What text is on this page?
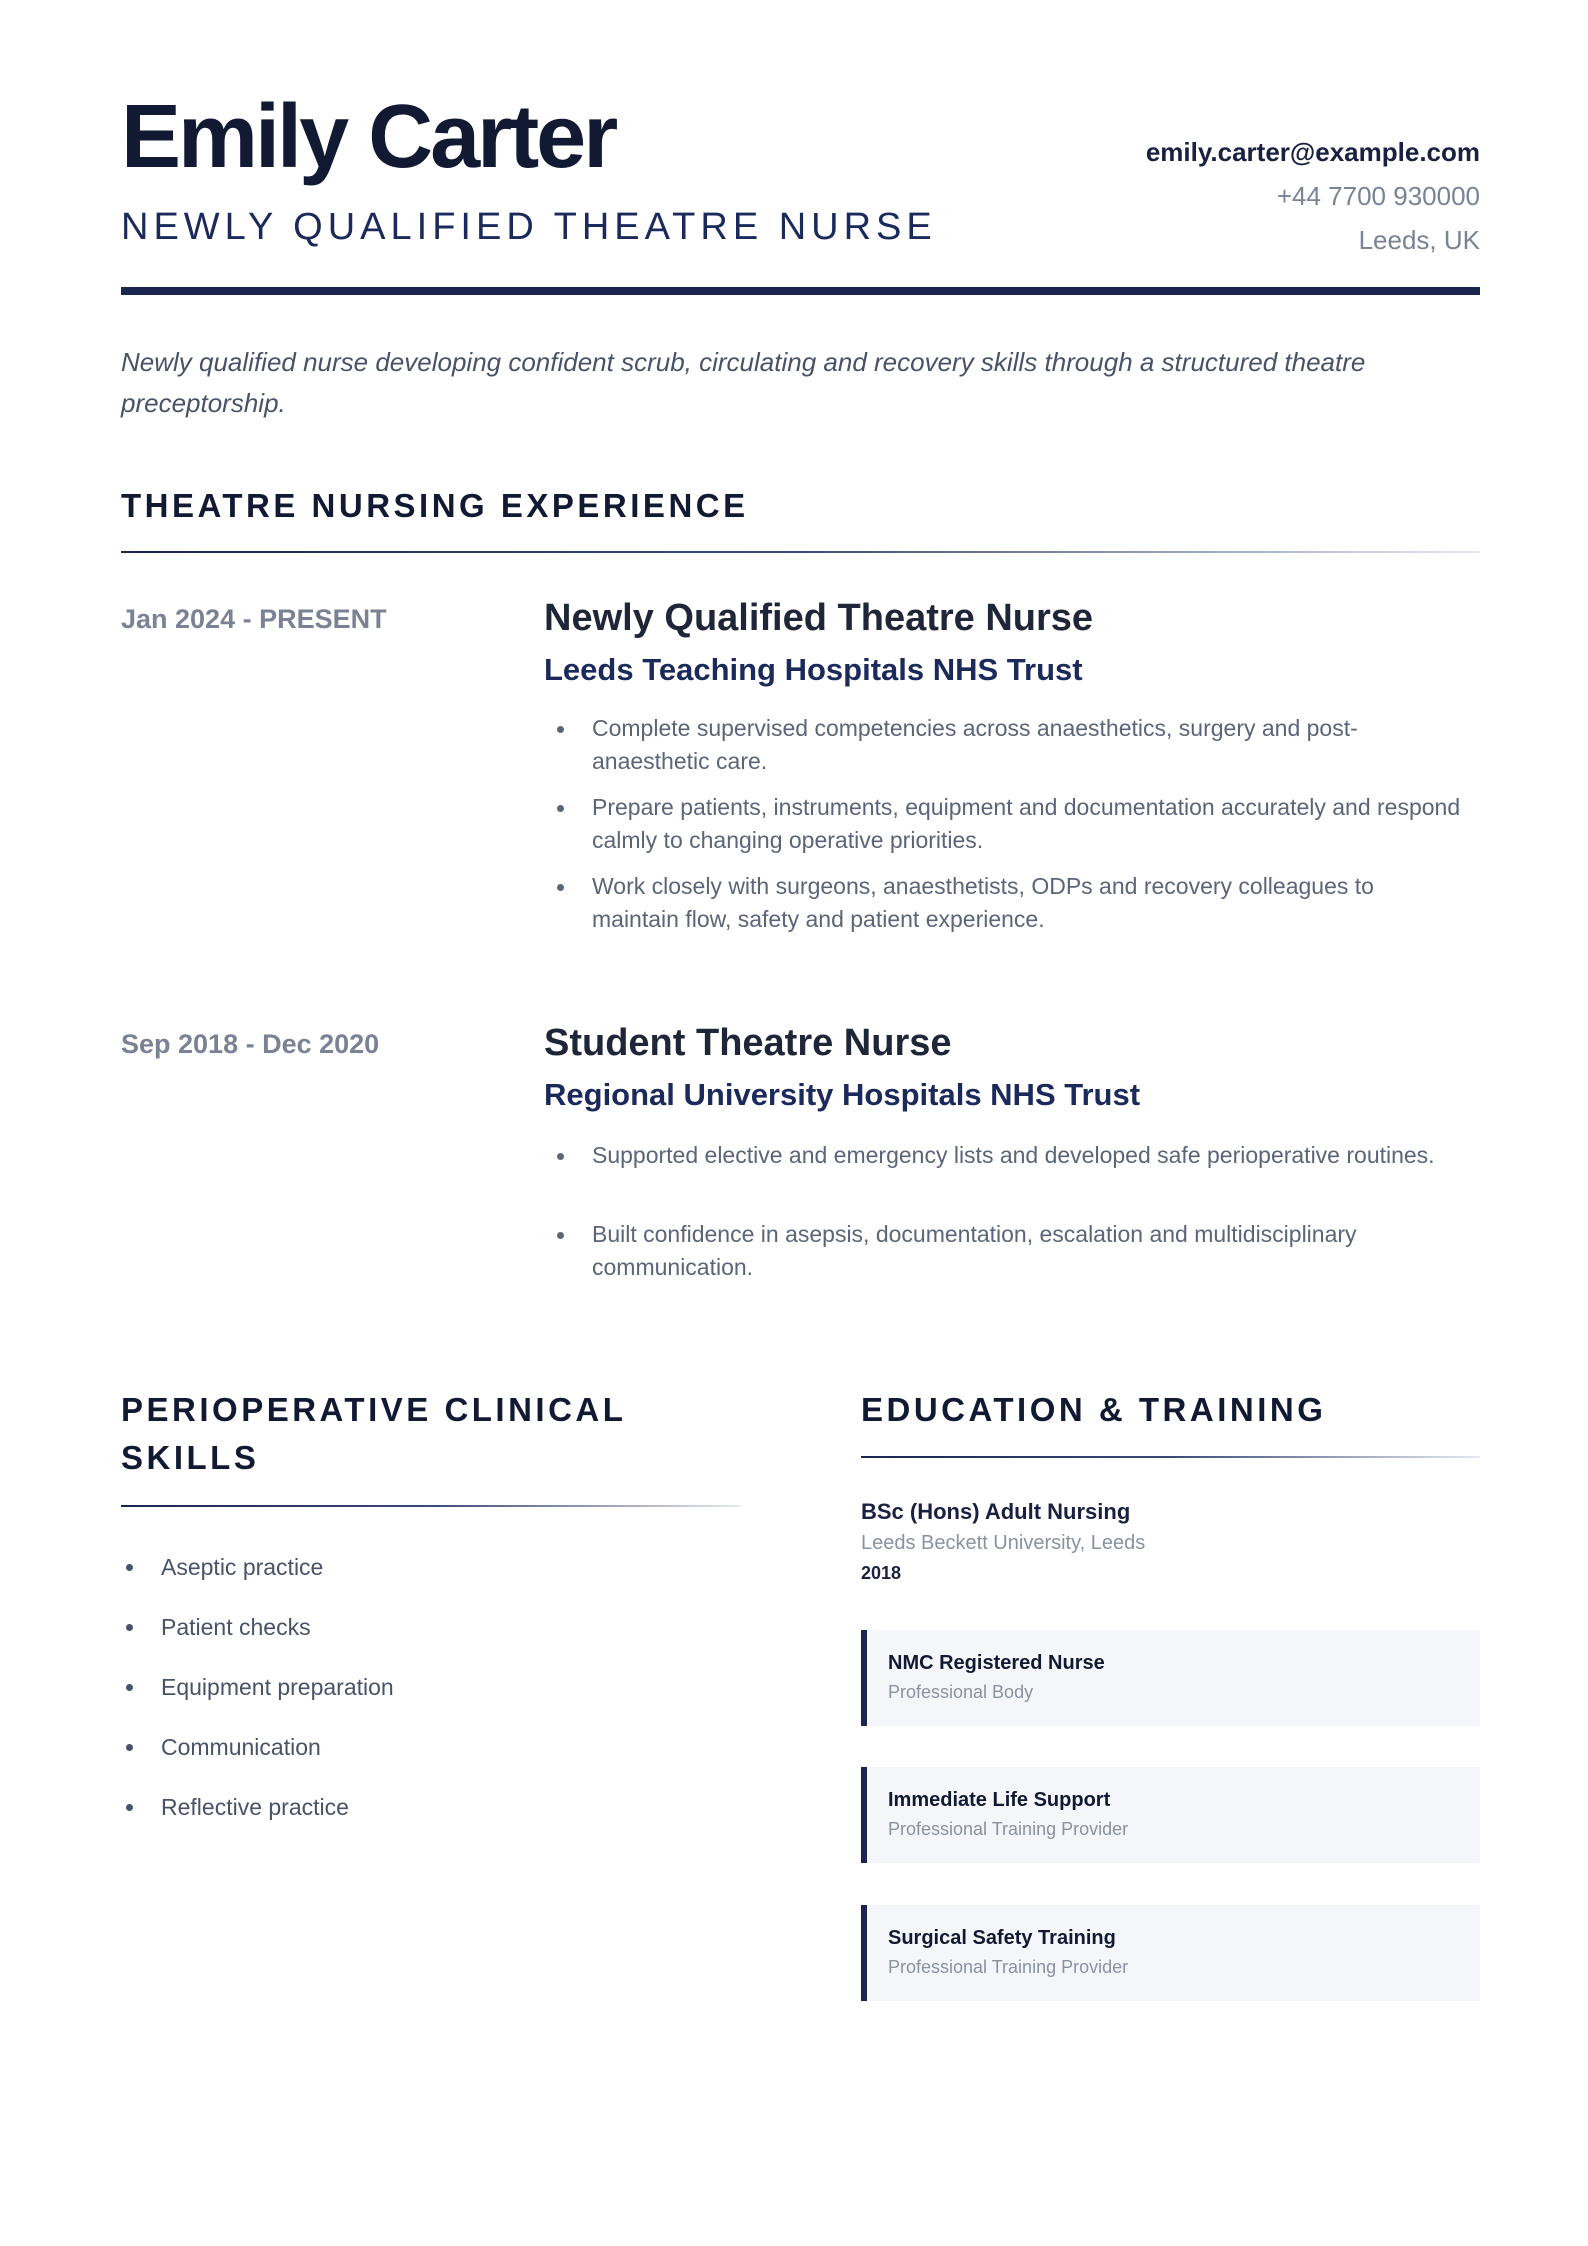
Emily Carter
NEWLY QUALIFIED THEATRE NURSE
emily.carter@example.com
+44 7700 930000
Leeds, UK
Newly qualified nurse developing confident scrub, circulating and recovery skills through a structured theatre preceptorship.
THEATRE NURSING EXPERIENCE
Jan 2024 - PRESENT	Newly Qualified Theatre Nurse
Leeds Teaching Hospitals NHS Trust
Complete supervised competencies across anaesthetics, surgery and post-anaesthetic care.
Prepare patients, instruments, equipment and documentation accurately and respond calmly to changing operative priorities.
Work closely with surgeons, anaesthetists, ODPs and recovery colleagues to maintain flow, safety and patient experience.
Sep 2018 - Dec 2020	Student Theatre Nurse
Regional University Hospitals NHS Trust
Supported elective and emergency lists and developed safe perioperative routines.
Built confidence in asepsis, documentation, escalation and multidisciplinary communication.
PERIOPERATIVE CLINICAL
SKILLS
Aseptic practice
Patient checks
Equipment preparation
Communication
Reflective practice
EDUCATION & TRAINING
BSc (Hons) Adult Nursing
Leeds Beckett University, Leeds
2018
NMC Registered Nurse
Professional Body
Immediate Life Support
Professional Training Provider
Surgical Safety Training
Professional Training Provider
